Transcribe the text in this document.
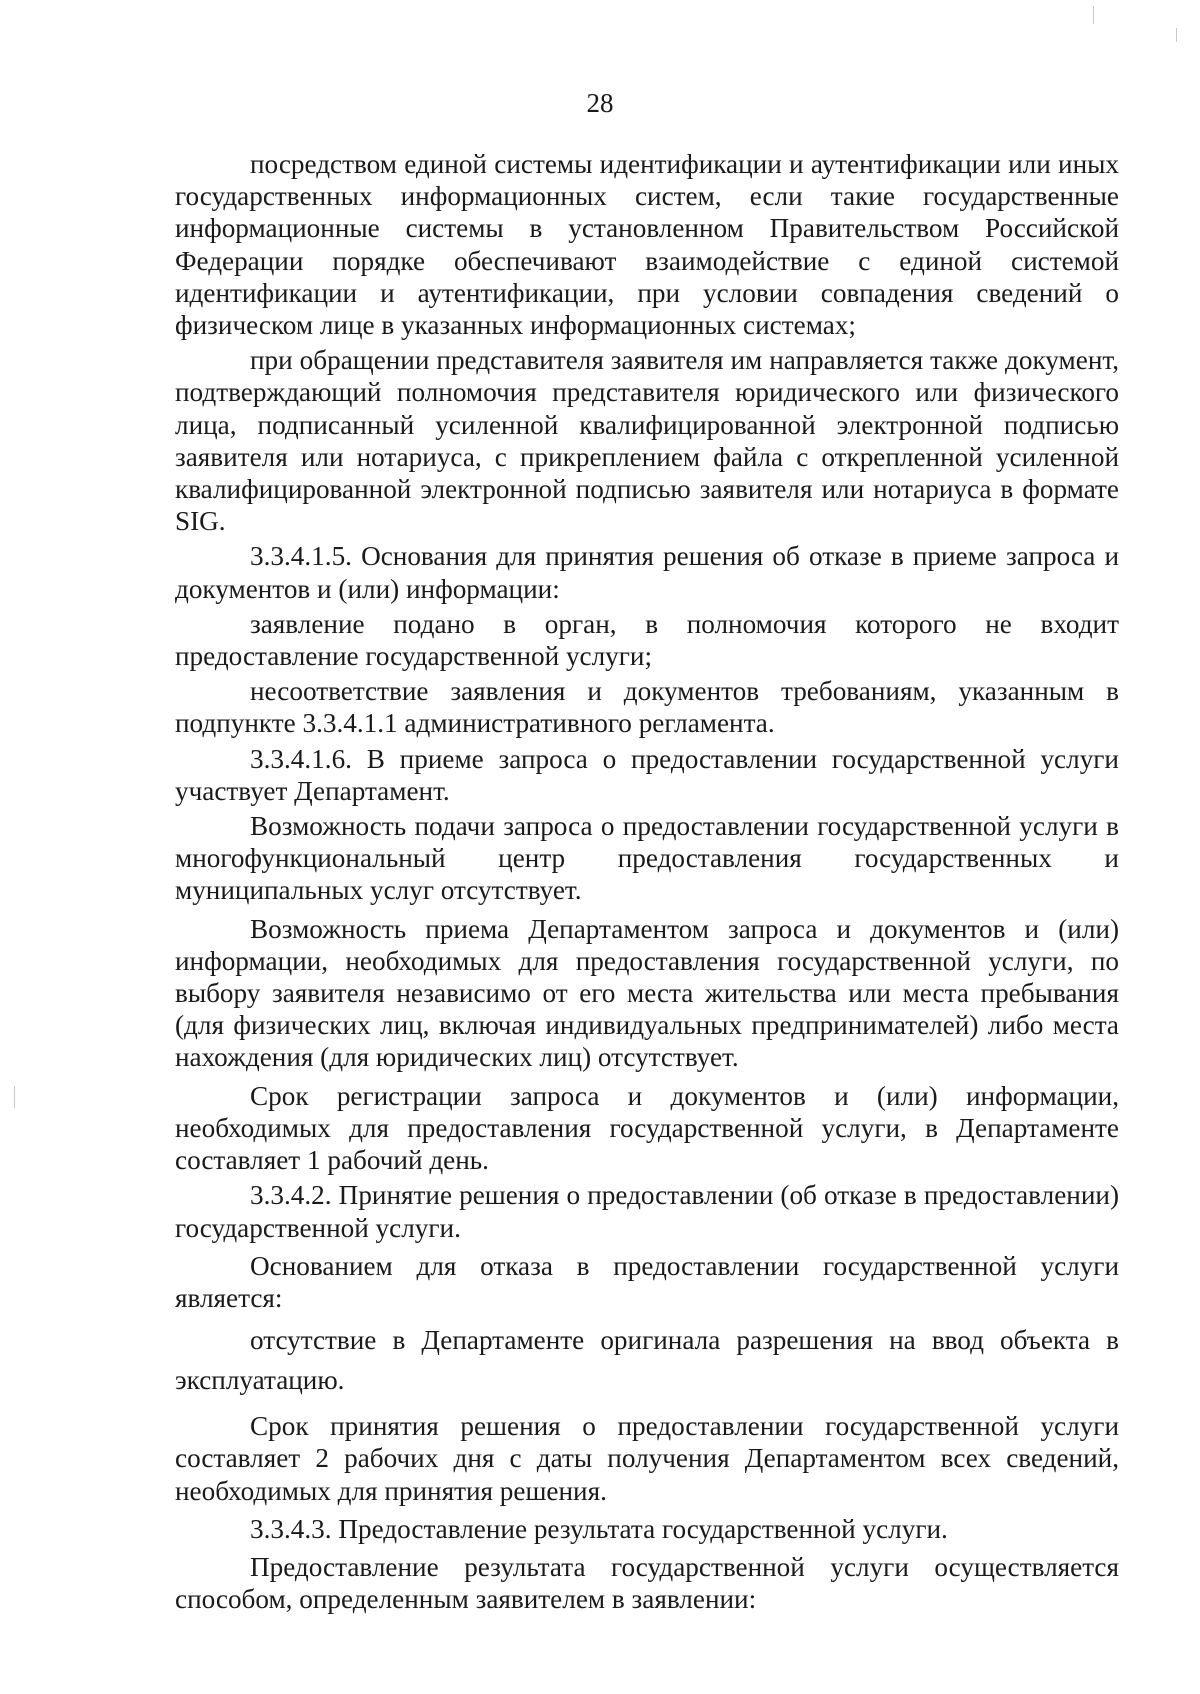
28

посредством единой системы идентификации и аутентификации или иных государственных информационных систем, если такие государственные информационные системы в установленном Правительством Российской Федерации порядке обеспечивают взаимодействие с единой системой идентификации и аутентификации, при условии совпадения сведений о физическом лице в указанных информационных системах;

при обращении представителя заявителя им направляется также документ, подтверждающий полномочия представителя юридического или физического лица, подписанный усиленной квалифицированной электронной подписью заявителя или нотариуса, с прикреплением файла с открепленной усиленной квалифицированной электронной подписью заявителя или нотариуса в формате SIG.

3.3.4.1.5. Основания для принятия решения об отказе в приеме запроса и документов и (или) информации:

заявление подано в орган, в полномочия которого не входит предоставление государственной услуги;

несоответствие заявления и документов требованиям, указанным в подпункте 3.3.4.1.1 административного регламента.

3.3.4.1.6. В приеме запроса о предоставлении государственной услуги участвует Департамент.

Возможность подачи запроса о предоставлении государственной услуги в многофункциональный центр предоставления государственных и муниципальных услуг отсутствует.

Возможность приема Департаментом запроса и документов и (или) информации, необходимых для предоставления государственной услуги, по выбору заявителя независимо от его места жительства или места пребывания (для физических лиц, включая индивидуальных предпринимателей) либо места нахождения (для юридических лиц) отсутствует.

Срок регистрации запроса и документов и (или) информации, необходимых для предоставления государственной услуги, в Департаменте составляет 1 рабочий день.

3.3.4.2. Принятие решения о предоставлении (об отказе в предоставлении) государственной услуги.

Основанием для отказа в предоставлении государственной услуги является:

отсутствие в Департаменте оригинала разрешения на ввод объекта в эксплуатацию.

Срок принятия решения о предоставлении государственной услуги составляет 2 рабочих дня с даты получения Департаментом всех сведений, необходимых для принятия решения.

3.3.4.3. Предоставление результата государственной услуги.

Предоставление результата государственной услуги осуществляется способом, определенным заявителем в заявлении:
